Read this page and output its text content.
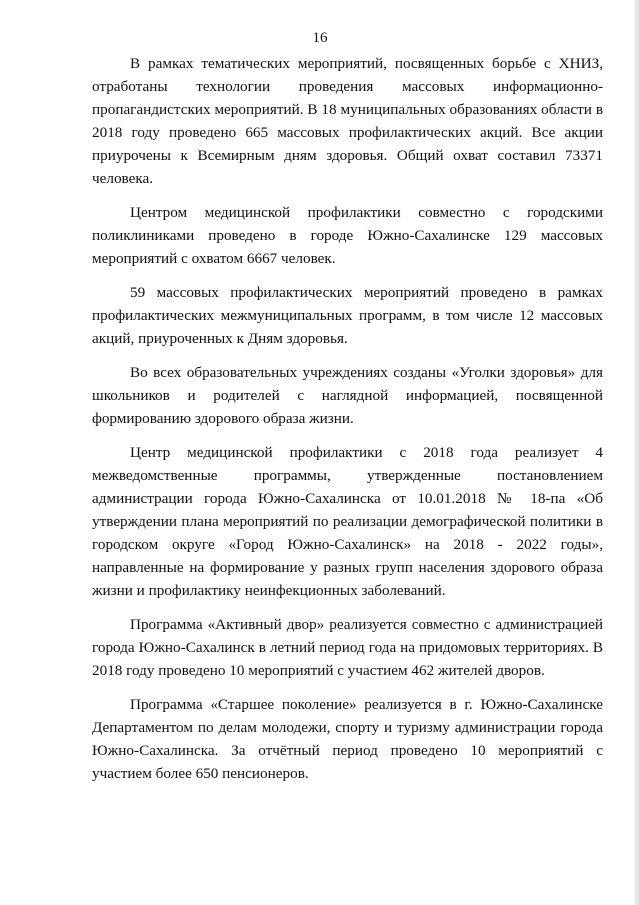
16

В рамках тематических мероприятий, посвященных борьбе с ХНИЗ, отработаны технологии проведения массовых информационно-пропагандистских мероприятий. В 18 муниципальных образованиях области в 2018 году проведено 665 массовых профилактических акций. Все акции приурочены к Всемирным дням здоровья. Общий охват составил 73371 человека.

Центром медицинской профилактики совместно с городскими поликлиниками проведено в городе Южно-Сахалинске 129 массовых мероприятий с охватом 6667 человек.

59 массовых профилактических мероприятий проведено в рамках профилактических межмуниципальных программ, в том числе 12 массовых акций, приуроченных к Дням здоровья.

Во всех образовательных учреждениях созданы «Уголки здоровья» для школьников и родителей с наглядной информацией, посвященной формированию здорового образа жизни.

Центр медицинской профилактики с 2018 года реализует 4 межведомственные программы, утвержденные постановлением администрации города Южно-Сахалинска от 10.01.2018 № 18-па «Об утверждении плана мероприятий по реализации демографической политики в городском округе «Город Южно-Сахалинск» на 2018 - 2022 годы», направленные на формирование у разных групп населения здорового образа жизни и профилактику неинфекционных заболеваний.

Программа «Активный двор» реализуется совместно с администрацией города Южно-Сахалинск в летний период года на придомовых территориях. В 2018 году проведено 10 мероприятий с участием 462 жителей дворов.

Программа «Старшее поколение» реализуется в г. Южно-Сахалинске Департаментом по делам молодежи, спорту и туризму администрации города Южно-Сахалинска. За отчётный период проведено 10 мероприятий с участием более 650 пенсионеров.
